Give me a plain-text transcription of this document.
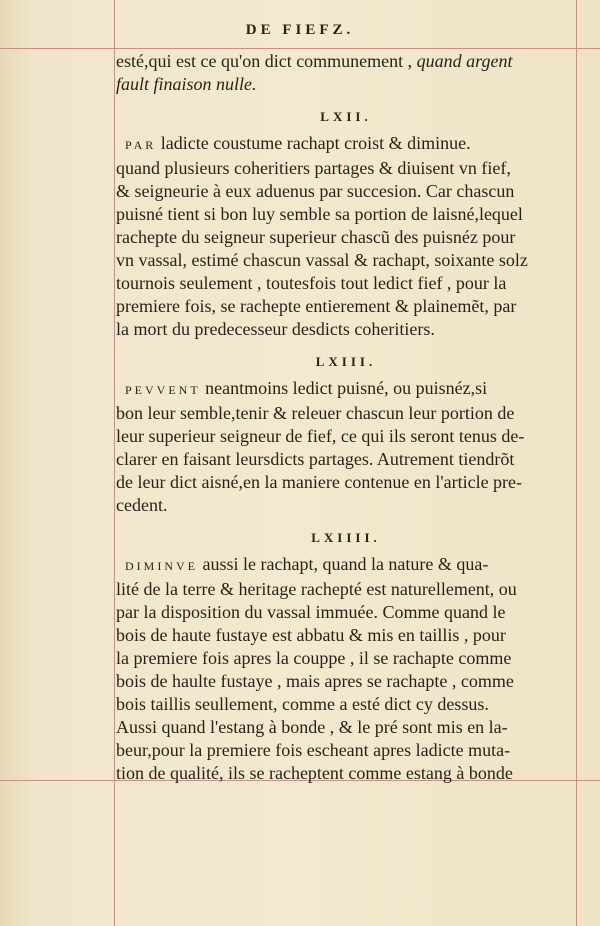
DE FIEFZ.
esté,qui est ce qu'on dict communement , quand argent
fault finaison nulle.
LXII.
PAR ladicte coustume rachapt croist & diminue.
quand plusieurs coheritiers partages & diuisent vn fief,
& seigneurie à eux aduenus par succesion. Car chascun
puisné tient si bon luy semble sa portion de laisné,lequel
rachepte du seigneur superieur chascũ des puisnéz pour
vn vassal, estimé chascun vassal & rachapt, soixante solz
tournois seulement , toutesfois tout ledict fief , pour la
premiere fois, se rachepte entierement & plainemẽt, par
la mort du predecesseur desdicts coheritiers.
LXIII.
PEVVENT neantmoins ledict puisné, ou puisnéz,si
bon leur semble,tenir & releuer chascun leur portion de
leur superieur seigneur de fief, ce qui ils seront tenus de-
clarer en faisant leursdicts partages. Autrement tiendrõt
de leur dict aisné,en la maniere contenue en l'article pre-
cedent.
LXIIII.
DIMINVE aussi le rachapt, quand la nature & qua-
lité de la terre & heritage rachepté est naturellement, ou
par la disposition du vassal immuée. Comme quand le
bois de haute fustaye est abbatu & mis en taillis , pour
la premiere fois apres la couppe , il se rachapte comme
bois de haulte fustaye , mais apres se rachapte , comme
bois taillis seullement, comme a esté dict cy dessus.
Aussi quand l'estang à bonde , & le pré sont mis en la-
beur,pour la premiere fois escheant apres ladicte muta-
tion de qualité, ils se racheptent comme estang à bonde
